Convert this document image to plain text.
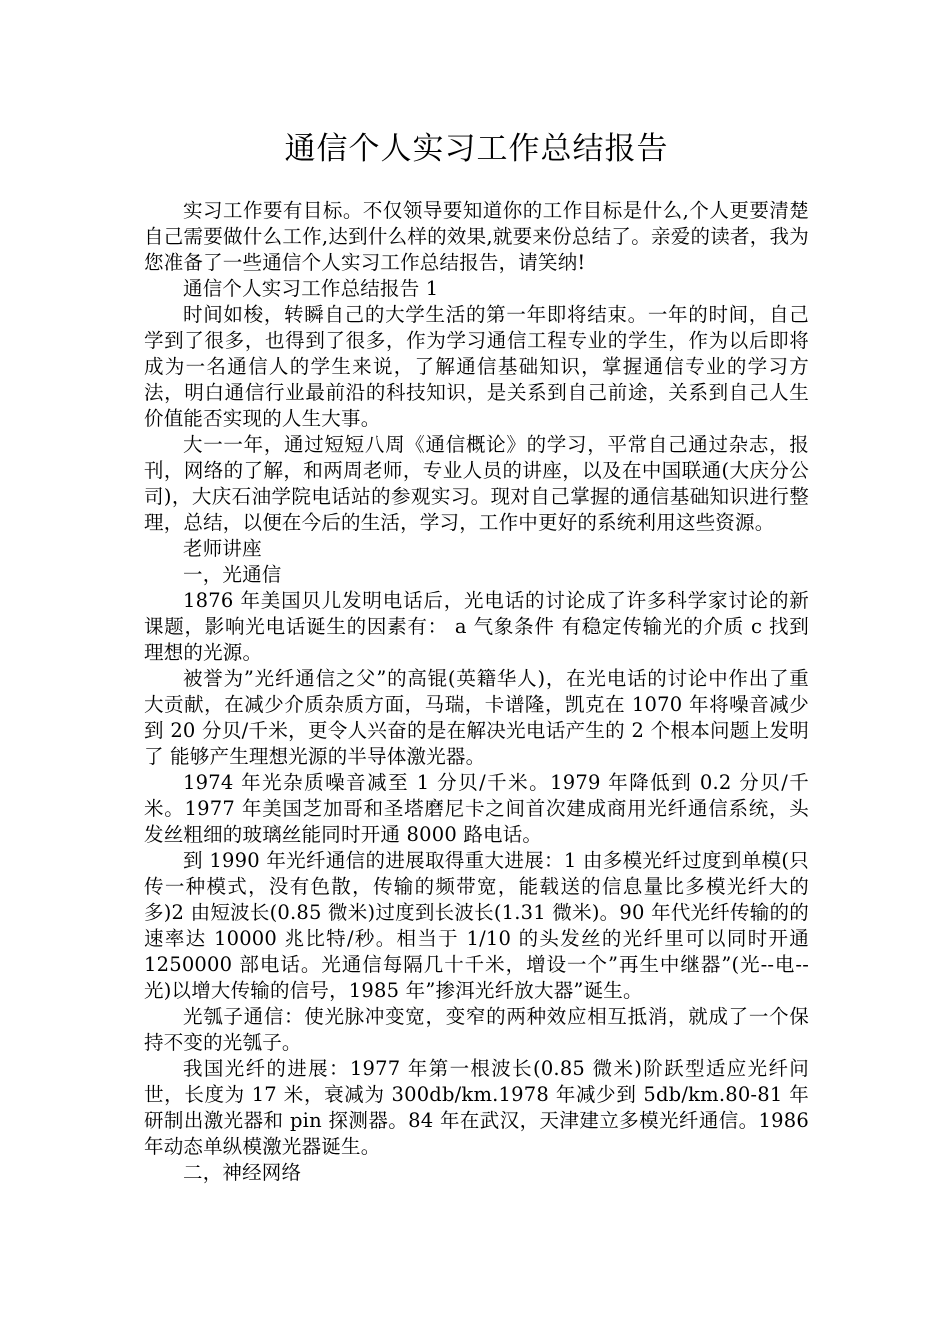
通信个人实习工作总结报告

实习工作要有目标。不仅领导要知道你的工作目标是什么,个人更要清楚自己需要做什么工作,达到什么样的效果,就要来份总结了。亲爱的读者，我为您准备了一些通信个人实习工作总结报告，请笑纳!

通信个人实习工作总结报告 1

时间如梭，转瞬自己的大学生活的第一年即将结束。一年的时间，自己学到了很多，也得到了很多，作为学习通信工程专业的学生，作为以后即将成为一名通信人的学生来说，了解通信基础知识，掌握通信专业的学习方法，明白通信行业最前沿的科技知识，是关系到自己前途，关系到自己人生价值能否实现的人生大事。

大一一年，通过短短八周《通信概论》的学习，平常自己通过杂志，报刊，网络的了解，和两周老师，专业人员的讲座，以及在中国联通(大庆分公司)，大庆石油学院电话站的参观实习。现对自己掌握的通信基础知识进行整理，总结，以便在今后的生活，学习，工作中更好的系统利用这些资源。

老师讲座

一，光通信

1876 年美国贝儿发明电话后，光电话的讨论成了许多科学家讨论的新课题，影响光电话诞生的因素有： a 气象条件 有稳定传输光的介质 c 找到理想的光源。

被誉为”光纤通信之父”的高锟(英籍华人)，在光电话的讨论中作出了重大贡献，在减少介质杂质方面，马瑞，卡谱隆，凯克在 1070 年将噪音减少到 20 分贝/千米，更令人兴奋的是在解决光电话产生的 2 个根本问题上发明了 能够产生理想光源的半导体激光器。

1974 年光杂质噪音减至 1 分贝/千米。1979 年降低到 0.2 分贝/千米。1977 年美国芝加哥和圣塔磨尼卡之间首次建成商用光纤通信系统，头发丝粗细的玻璃丝能同时开通 8000 路电话。

到 1990 年光纤通信的进展取得重大进展：1 由多模光纤过度到单模(只传一种模式，没有色散，传输的频带宽，能载送的信息量比多模光纤大的多)2 由短波长(0.85 微米)过度到长波长(1.31 微米)。90 年代光纤传输的的速率达 10000 兆比特/秒。相当于 1/10 的头发丝的光纤里可以同时开通 1250000 部电话。光通信每隔几十千米，增设一个”再生中继器”(光--电--光)以增大传输的信号，1985 年”掺洱光纤放大器”诞生。

光瓠子通信：使光脉冲变宽，变窄的两种效应相互抵消，就成了一个保持不变的光瓠子。

我国光纤的进展：1977 年第一根波长(0.85 微米)阶跃型适应光纤问世，长度为 17 米，衰减为 300db/km.1978 年减少到 5db/km.80-81 年研制出激光器和 pin 探测器。84 年在武汉，天津建立多模光纤通信。1986 年动态单纵模激光器诞生。

二，神经网络
